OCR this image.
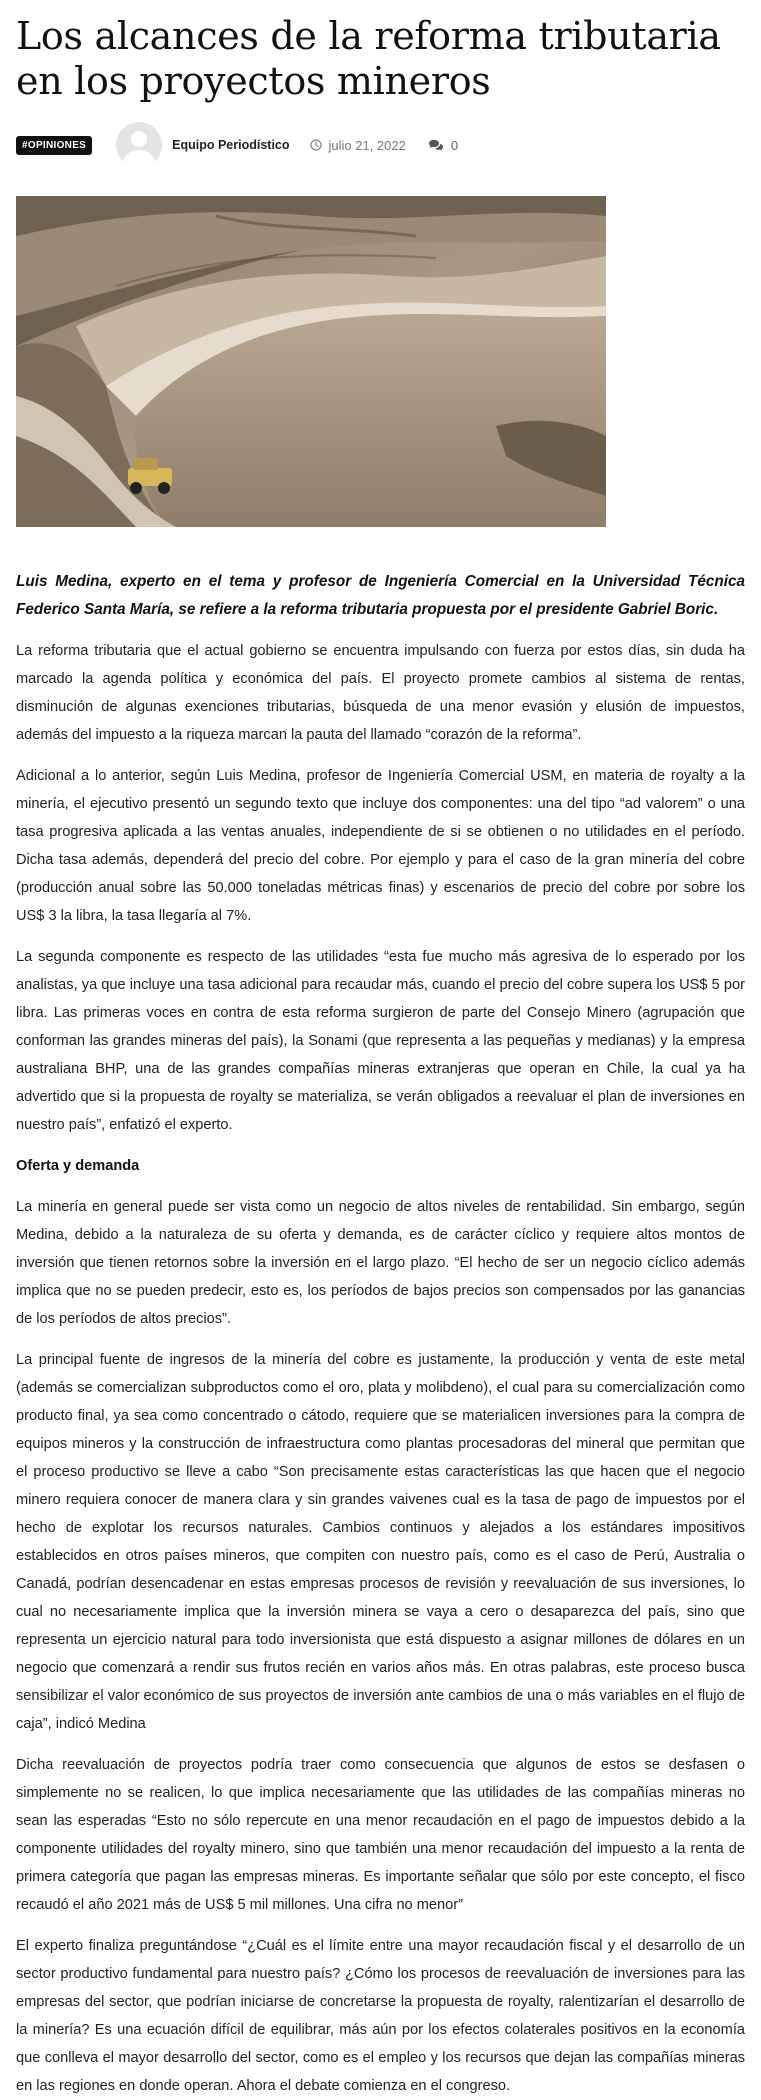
Los alcances de la reforma tributaria en los proyectos mineros
#OPINIONES	Equipo Periodístico	julio 21, 2022	0

Luis Medina, experto en el tema y profesor de Ingeniería Comercial en la Universidad Técnica Federico Santa María, se refiere a la reforma tributaria propuesta por el presidente Gabriel Boric.

La reforma tributaria que el actual gobierno se encuentra impulsando con fuerza por estos días, sin duda ha marcado la agenda política y económica del país. El proyecto promete cambios al sistema de rentas, disminución de algunas exenciones tributarias, búsqueda de una menor evasión y elusión de impuestos, además del impuesto a la riqueza marcan la pauta del llamado “corazón de la reforma”.

Adicional a lo anterior, según Luis Medina, profesor de Ingeniería Comercial USM, en materia de royalty a la minería, el ejecutivo presentó un segundo texto que incluye dos componentes: una del tipo “ad valorem” o una tasa progresiva aplicada a las ventas anuales, independiente de si se obtienen o no utilidades en el período. Dicha tasa además, dependerá del precio del cobre. Por ejemplo y para el caso de la gran minería del cobre (producción anual sobre las 50.000 toneladas métricas finas) y escenarios de precio del cobre por sobre los US$ 3 la libra, la tasa llegaría al 7%.

La segunda componente es respecto de las utilidades “esta fue mucho más agresiva de lo esperado por los analistas, ya que incluye una tasa adicional para recaudar más, cuando el precio del cobre supera los US$ 5 por libra. Las primeras voces en contra de esta reforma surgieron de parte del Consejo Minero (agrupación que conforman las grandes mineras del país), la Sonami (que representa a las pequeñas y medianas) y la empresa australiana BHP, una de las grandes compañías mineras extranjeras que operan en Chile, la cual ya ha advertido que si la propuesta de royalty se materializa, se verán obligados a reevaluar el plan de inversiones en nuestro país”, enfatizó el experto.

Oferta y demanda

La minería en general puede ser vista como un negocio de altos niveles de rentabilidad. Sin embargo, según Medina, debido a la naturaleza de su oferta y demanda, es de carácter cíclico y requiere altos montos de inversión que tienen retornos sobre la inversión en el largo plazo. “El hecho de ser un negocio cíclico además implica que no se pueden predecir, esto es, los períodos de bajos precios son compensados por las ganancias de los períodos de altos precios”.

La principal fuente de ingresos de la minería del cobre es justamente, la producción y venta de este metal (además se comercializan subproductos como el oro, plata y molibdeno), el cual para su comercialización como producto final, ya sea como concentrado o cátodo, requiere que se materialicen inversiones para la compra de equipos mineros y la construcción de infraestructura como plantas procesadoras del mineral que permitan que el proceso productivo se lleve a cabo “Son precisamente estas características las que hacen que el negocio minero requiera conocer de manera clara y sin grandes vaivenes cual es la tasa de pago de impuestos por el hecho de explotar los recursos naturales. Cambios continuos y alejados a los estándares impositivos establecidos en otros países mineros, que compiten con nuestro país, como es el caso de Perú, Australia o Canadá, podrían desencadenar en estas empresas procesos de revisión y reevaluación de sus inversiones, lo cual no necesariamente implica que la inversión minera se vaya a cero o desaparezca del país, sino que representa un ejercicio natural para todo inversionista que está dispuesto a asignar millones de dólares en un negocio que comenzará a rendir sus frutos recién en varios años más. En otras palabras, este proceso busca sensibilizar el valor económico de sus proyectos de inversión ante cambios de una o más variables en el flujo de caja”, indicó Medina

Dicha reevaluación de proyectos podría traer como consecuencia que algunos de estos se desfasen o simplemente no se realicen, lo que implica necesariamente que las utilidades de las compañías mineras no sean las esperadas “Esto no sólo repercute en una menor recaudación en el pago de impuestos debido a la componente utilidades del royalty minero, sino que también una menor recaudación del impuesto a la renta de primera categoría que pagan las empresas mineras. Es importante señalar que sólo por este concepto, el fisco recaudó el año 2021 más de US$ 5 mil millones. Una cifra no menor”

El experto finaliza preguntándose “¿Cuál es el límite entre una mayor recaudación fiscal y el desarrollo de un sector productivo fundamental para nuestro país? ¿Cómo los procesos de reevaluación de inversiones para las empresas del sector, que podrían iniciarse de concretarse la propuesta de royalty, ralentizarían el desarrollo de la minería? Es una ecuación difícil de equilibrar, más aún por los efectos colaterales positivos en la economía que conlleva el mayor desarrollo del sector, como es el empleo y los recursos que dejan las compañías mineras en las regiones en donde operan. Ahora el debate comienza en el congreso.
